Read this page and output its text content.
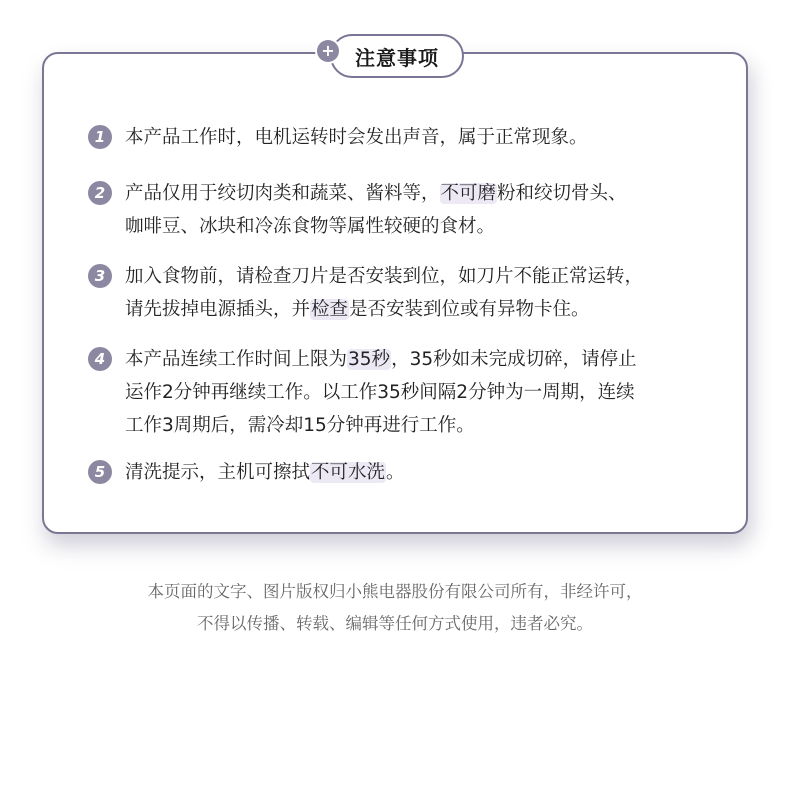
+ 注意事项
1	本产品工作时，电机运转时会发出声音，属于正常现象。
2	产品仅用于绞切肉类和蔬菜、酱料等，不可磨粉和绞切骨头、
咖啡豆、冰块和冷冻食物等属性较硬的食材。
3	加入食物前，请检查刀片是否安装到位，如刀片不能正常运转，
请先拔掉电源插头，并检查是否安装到位或有异物卡住。
4	本产品连续工作时间上限为35秒，35秒如未完成切碎，请停止
运作2分钟再继续工作。以工作35秒间隔2分钟为一周期，连续
工作3周期后，需冷却15分钟再进行工作。
5	清洗提示，主机可擦拭不可水洗。
本页面的文字、图片版权归小熊电器股份有限公司所有，非经许可，
不得以传播、转载、编辑等任何方式使用，违者必究。
